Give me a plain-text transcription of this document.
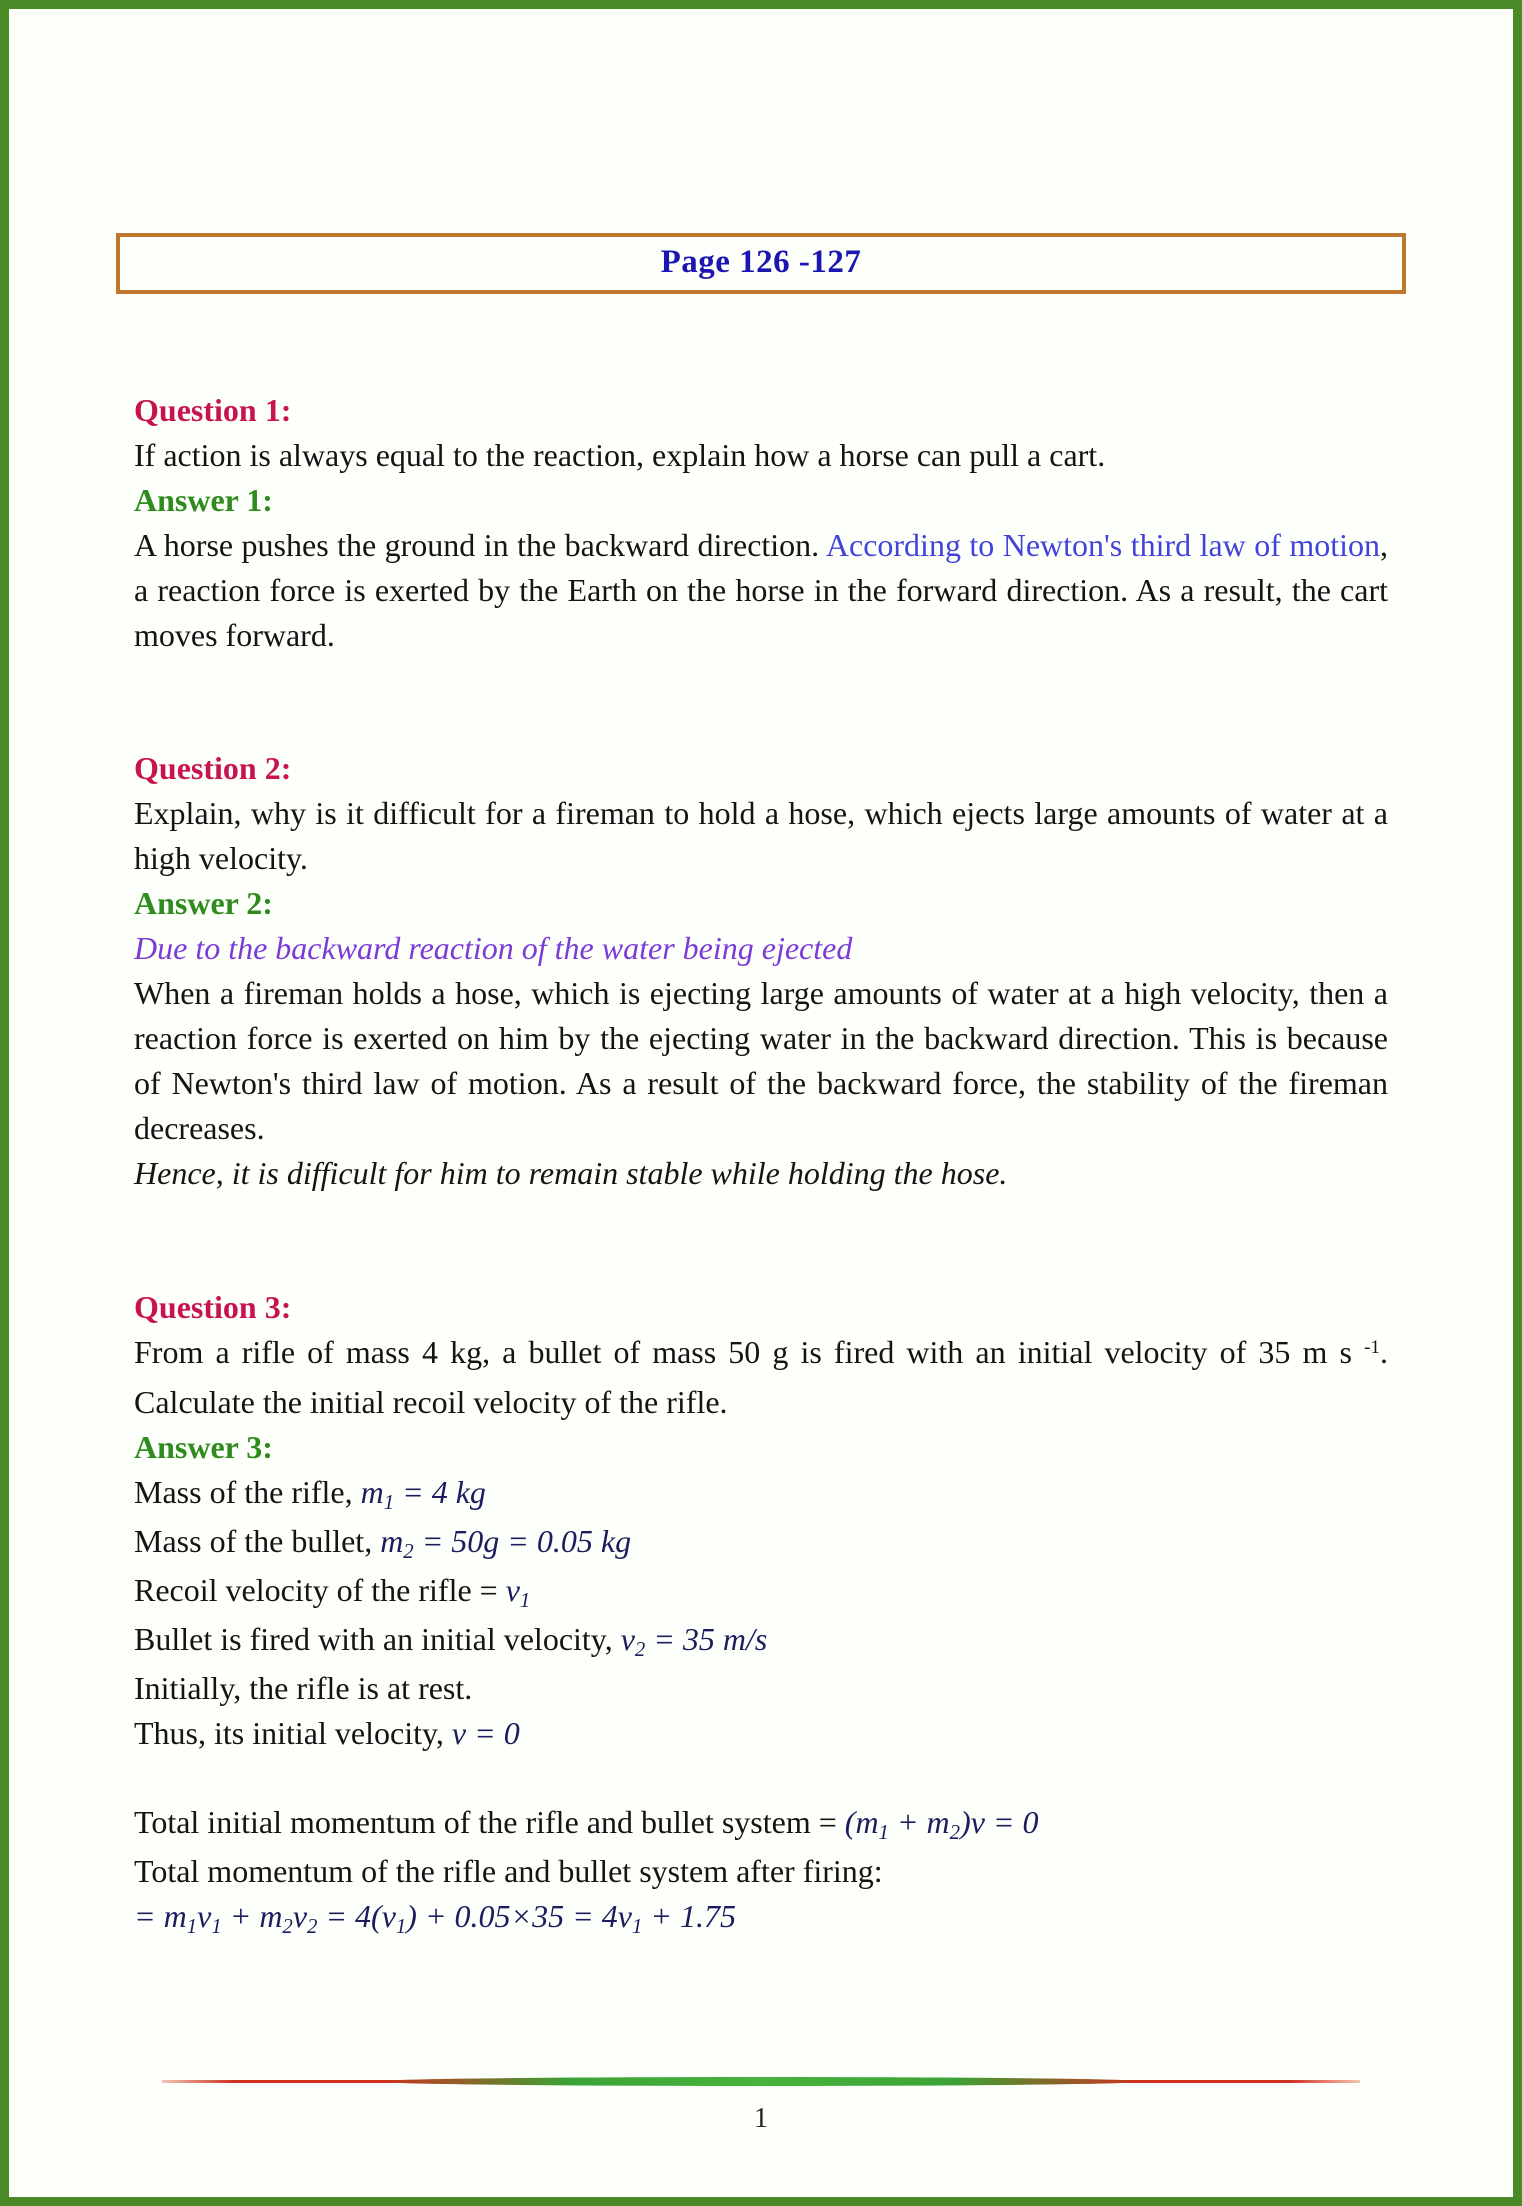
Page 126 -127
Question 1:
If action is always equal to the reaction, explain how a horse can pull a cart.
Answer 1:
A horse pushes the ground in the backward direction. According to Newton's third law of motion, a reaction force is exerted by the Earth on the horse in the forward direction. As a result, the cart moves forward.
Question 2:
Explain, why is it difficult for a fireman to hold a hose, which ejects large amounts of water at a high velocity.
Answer 2:
Due to the backward reaction of the water being ejected
When a fireman holds a hose, which is ejecting large amounts of water at a high velocity, then a reaction force is exerted on him by the ejecting water in the backward direction. This is because of Newton's third law of motion. As a result of the backward force, the stability of the fireman decreases.
Hence, it is difficult for him to remain stable while holding the hose.
Question 3:
From a rifle of mass 4 kg, a bullet of mass 50 g is fired with an initial velocity of 35 m s $^{-1}$. Calculate the initial recoil velocity of the rifle.
Answer 3:
Mass of the rifle, m1 = 4 kg
Mass of the bullet, m2 = 50g = 0.05 kg
Recoil velocity of the rifle = v1
Bullet is fired with an initial velocity, v2 = 35 m/s
Initially, the rifle is at rest.
Thus, its initial velocity, v = 0
Total initial momentum of the rifle and bullet system = (m1 + m2)v = 0
Total momentum of the rifle and bullet system after firing:
= m1v1 + m2v2 = 4(v1) + 0.05×35 = 4v1 + 1.75
1
